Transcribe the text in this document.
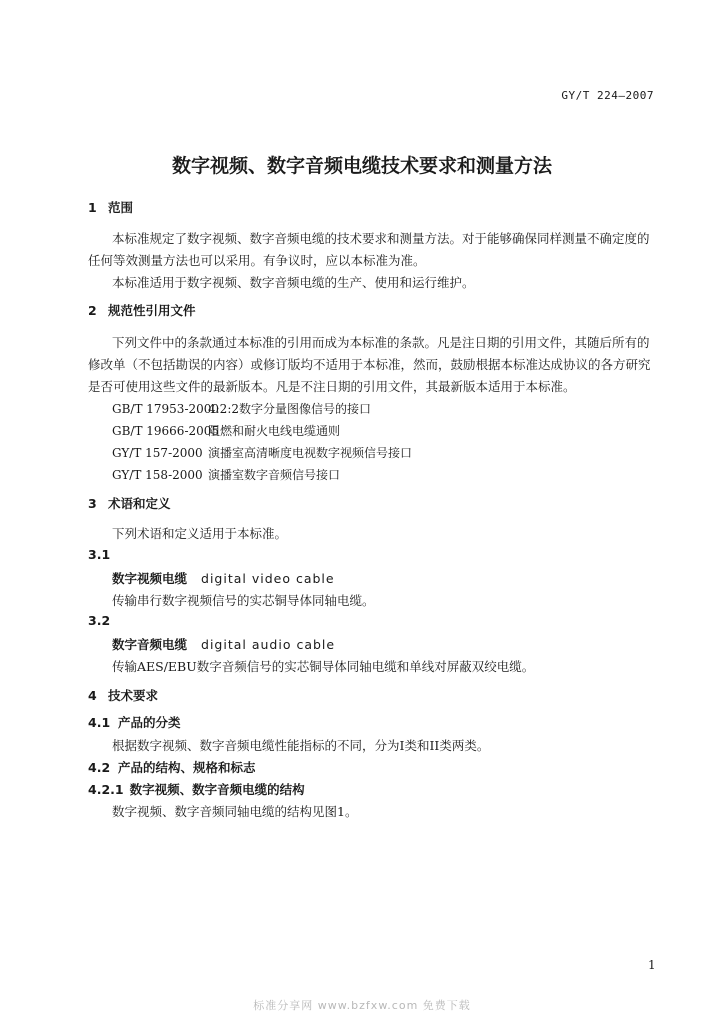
GY/T 224—2007
数字视频、数字音频电缆技术要求和测量方法
1 范围
本标准规定了数字视频、数字音频电缆的技术要求和测量方法。对于能够确保同样测量不确定度的
任何等效测量方法也可以采用。有争议时，应以本标准为准。
本标准适用于数字视频、数字音频电缆的生产、使用和运行维护。
2 规范性引用文件
下列文件中的条款通过本标准的引用而成为本标准的条款。凡是注日期的引用文件，其随后所有的
修改单（不包括勘误的内容）或修订版均不适用于本标准，然而，鼓励根据本标准达成协议的各方研究
是否可使用这些文件的最新版本。凡是不注日期的引用文件，其最新版本适用于本标准。
GB/T 17953-20004:2:2数字分量图像信号的接口
GB/T 19666-2005阻燃和耐火电线电缆通则
GY/T 157-2000 演播室高清晰度电视数字视频信号接口
GY/T 158-2000 演播室数字音频信号接口
3 术语和定义
下列术语和定义适用于本标准。
3.1
数字视频电缆 digital video cable
传输串行数字视频信号的实芯铜导体同轴电缆。
3.2
数字音频电缆 digital audio cable
传输AES/EBU数字音频信号的实芯铜导体同轴电缆和单线对屏蔽双绞电缆。
4 技术要求
4.1 产品的分类
根据数字视频、数字音频电缆性能指标的不同，分为I类和II类两类。
4.2 产品的结构、规格和标志
4.2.1 数字视频、数字音频电缆的结构
数字视频、数字音频同轴电缆的结构见图1。
1
标准分享网 www.bzfxw.com 免费下载
